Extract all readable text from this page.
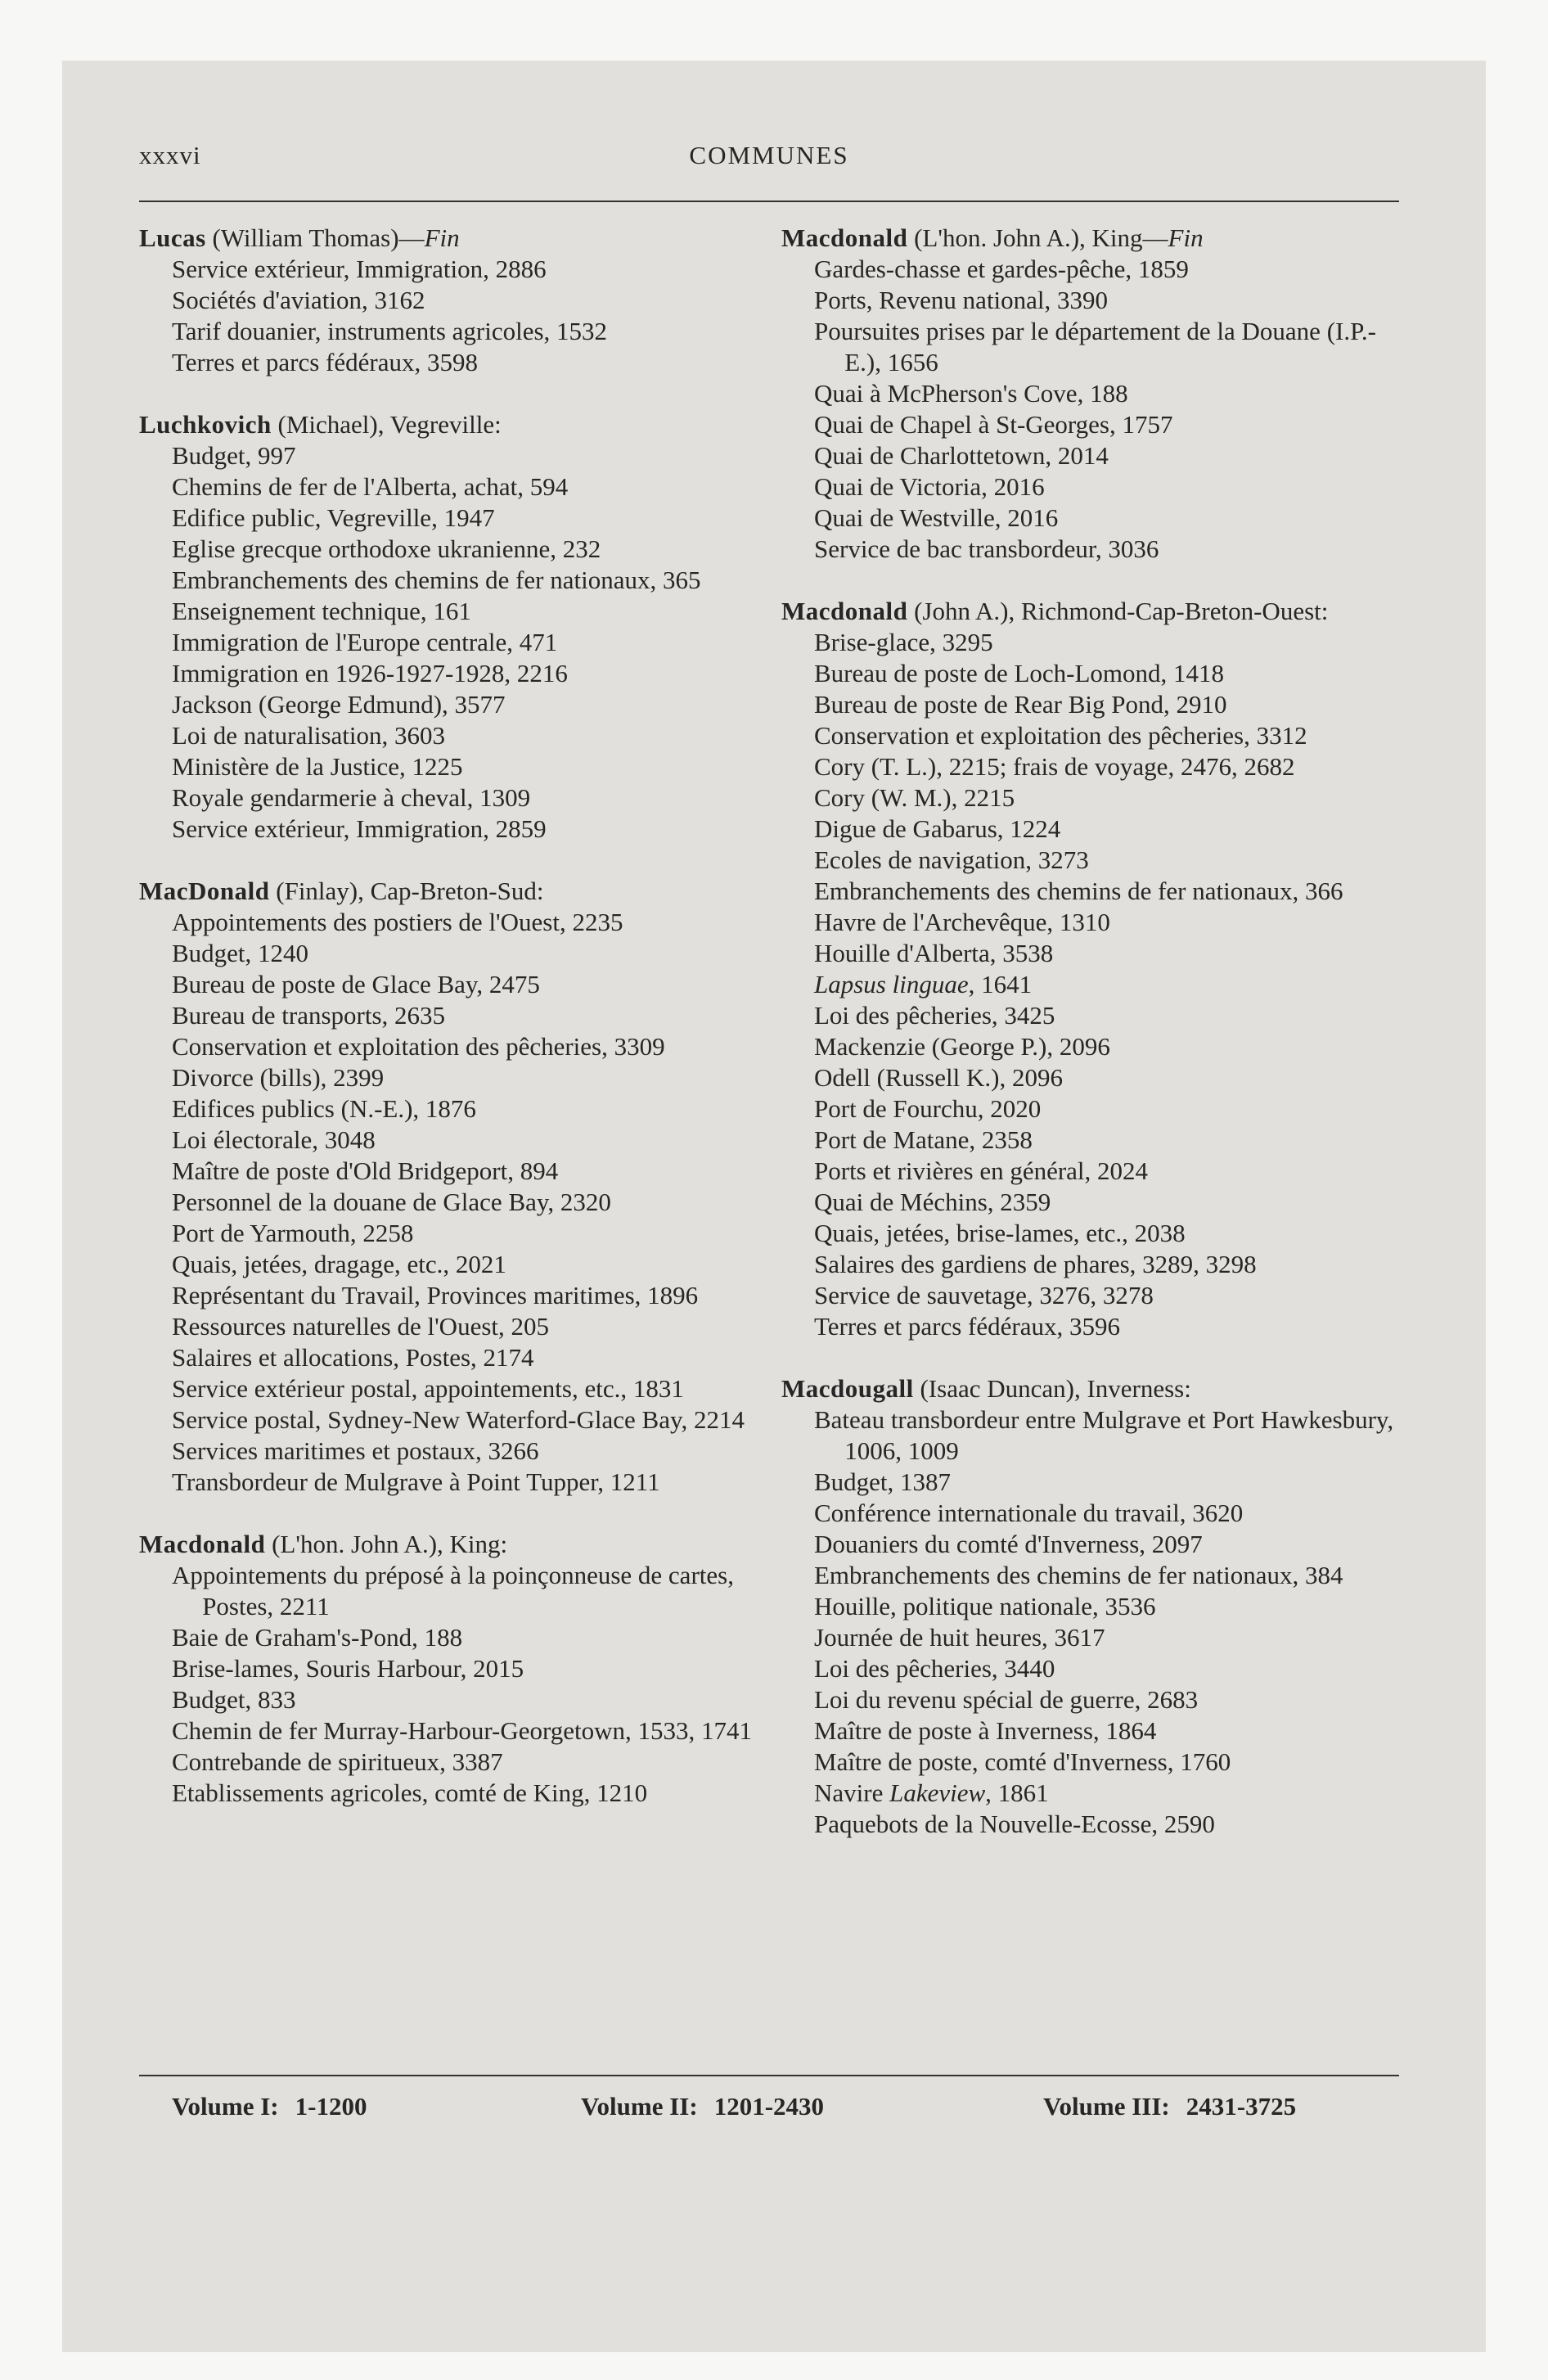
xxxvi	COMMUNES
Lucas (William Thomas)—Fin
Service extérieur, Immigration, 2886
Sociétés d'aviation, 3162
Tarif douanier, instruments agricoles, 1532
Terres et parcs fédéraux, 3598
Luchkovich (Michael), Vegreville:
Budget, 997
Chemins de fer de l'Alberta, achat, 594
Edifice public, Vegreville, 1947
Eglise grecque orthodoxe ukranienne, 232
Embranchements des chemins de fer nationaux, 365
Enseignement technique, 161
Immigration de l'Europe centrale, 471
Immigration en 1926-1927-1928, 2216
Jackson (George Edmund), 3577
Loi de naturalisation, 3603
Ministère de la Justice, 1225
Royale gendarmerie à cheval, 1309
Service extérieur, Immigration, 2859
MacDonald (Finlay), Cap-Breton-Sud:
Appointements des postiers de l'Ouest, 2235
Budget, 1240
Bureau de poste de Glace Bay, 2475
Bureau de transports, 2635
Conservation et exploitation des pêcheries, 3309
Divorce (bills), 2399
Edifices publics (N.-E.), 1876
Loi électorale, 3048
Maître de poste d'Old Bridgeport, 894
Personnel de la douane de Glace Bay, 2320
Port de Yarmouth, 2258
Quais, jetées, dragage, etc., 2021
Représentant du Travail, Provinces maritimes, 1896
Ressources naturelles de l'Ouest, 205
Salaires et allocations, Postes, 2174
Service extérieur postal, appointements, etc., 1831
Service postal, Sydney-New Waterford-Glace Bay, 2214
Services maritimes et postaux, 3266
Transbordeur de Mulgrave à Point Tupper, 1211
Macdonald (L'hon. John A.), King:
Appointements du préposé à la poinçonneuse de cartes, Postes, 2211
Baie de Graham's-Pond, 188
Brise-lames, Souris Harbour, 2015
Budget, 833
Chemin de fer Murray-Harbour-Georgetown, 1533, 1741
Contrebande de spiritueux, 3387
Etablissements agricoles, comté de King, 1210
Macdonald (L'hon. John A.), King—Fin
Gardes-chasse et gardes-pêche, 1859
Ports, Revenu national, 3390
Poursuites prises par le département de la Douane (I.P.-E.), 1656
Quai à McPherson's Cove, 188
Quai de Chapel à St-Georges, 1757
Quai de Charlottetown, 2014
Quai de Victoria, 2016
Quai de Westville, 2016
Service de bac transbordeur, 3036
Macdonald (John A.), Richmond-Cap-Breton-Ouest:
Brise-glace, 3295
Bureau de poste de Loch-Lomond, 1418
Bureau de poste de Rear Big Pond, 2910
Conservation et exploitation des pêcheries, 3312
Cory (T. L.), 2215; frais de voyage, 2476, 2682
Cory (W. M.), 2215
Digue de Gabarus, 1224
Ecoles de navigation, 3273
Embranchements des chemins de fer nationaux, 366
Havre de l'Archevêque, 1310
Houille d'Alberta, 3538
Lapsus linguae, 1641
Loi des pêcheries, 3425
Mackenzie (George P.), 2096
Odell (Russell K.), 2096
Port de Fourchu, 2020
Port de Matane, 2358
Ports et rivières en général, 2024
Quai de Méchins, 2359
Quais, jetées, brise-lames, etc., 2038
Salaires des gardiens de phares, 3289, 3298
Service de sauvetage, 3276, 3278
Terres et parcs fédéraux, 3596
Macdougall (Isaac Duncan), Inverness:
Bateau transbordeur entre Mulgrave et Port Hawkesbury, 1006, 1009
Budget, 1387
Conférence internationale du travail, 3620
Douaniers du comté d'Inverness, 2097
Embranchements des chemins de fer nationaux, 384
Houille, politique nationale, 3536
Journée de huit heures, 3617
Loi des pêcheries, 3440
Loi du revenu spécial de guerre, 2683
Maître de poste à Inverness, 1864
Maître de poste, comté d'Inverness, 1760
Navire Lakeview, 1861
Paquebots de la Nouvelle-Ecosse, 2590
Volume I: 1-1200	Volume II: 1201-2430	Volume III: 2431-3725
